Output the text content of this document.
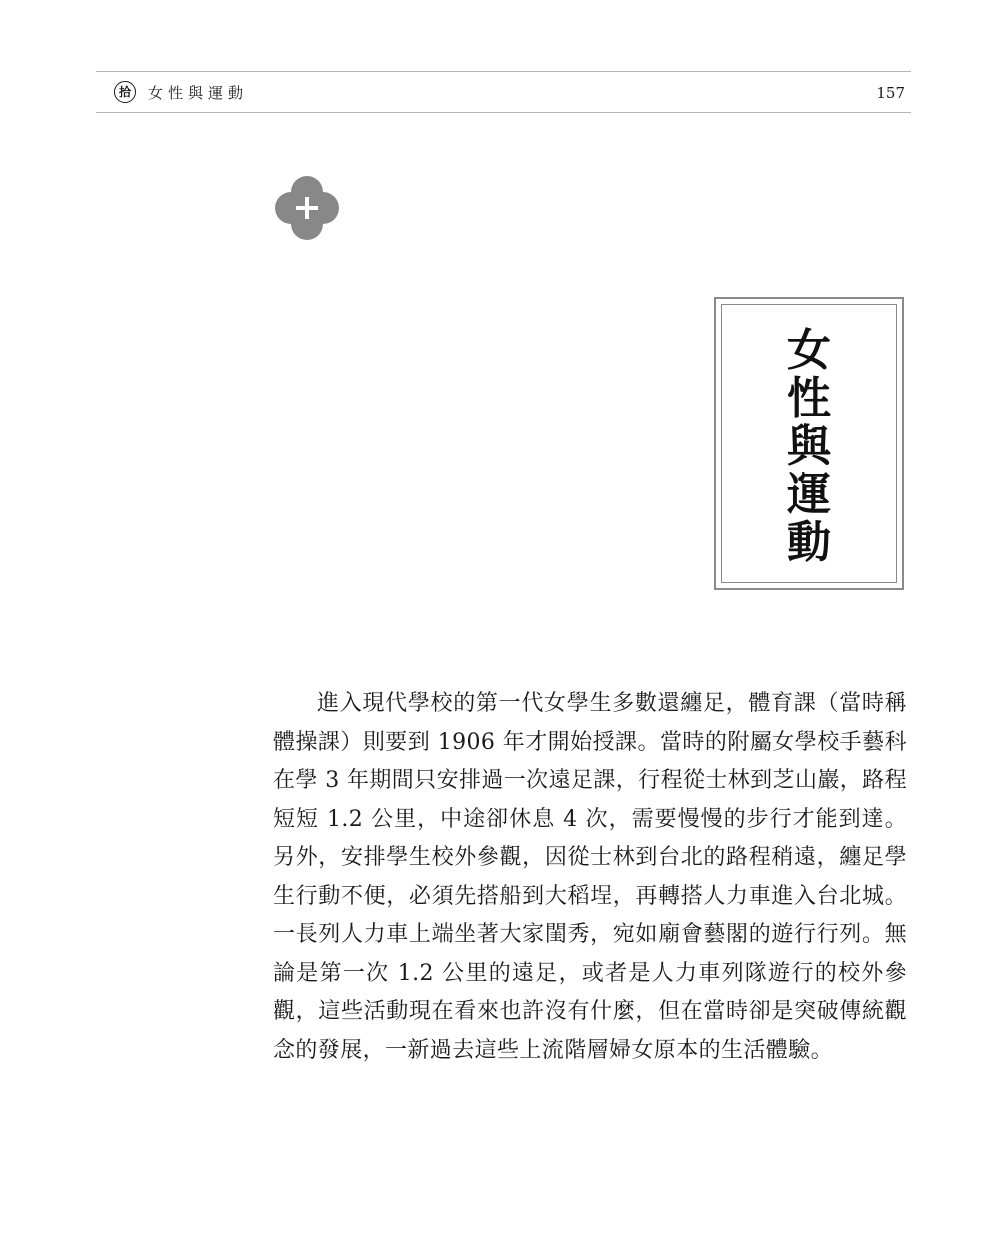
拾	女性與運動	157
女性與運動

進入現代學校的第一代女學生多數還纏足，體育課（當時稱體操課）則要到 1906 年才開始授課。當時的附屬女學校手藝科在學 3 年期間只安排過一次遠足課，行程從士林到芝山巖，路程短短 1.2 公里，中途卻休息 4 次，需要慢慢的步行才能到達。另外，安排學生校外參觀，因從士林到台北的路程稍遠，纏足學生行動不便，必須先搭船到大稻埕，再轉搭人力車進入台北城。一長列人力車上端坐著大家閨秀，宛如廟會藝閣的遊行行列。無論是第一次 1.2 公里的遠足，或者是人力車列隊遊行的校外參觀，這些活動現在看來也許沒有什麼，但在當時卻是突破傳統觀念的發展，一新過去這些上流階層婦女原本的生活體驗。
